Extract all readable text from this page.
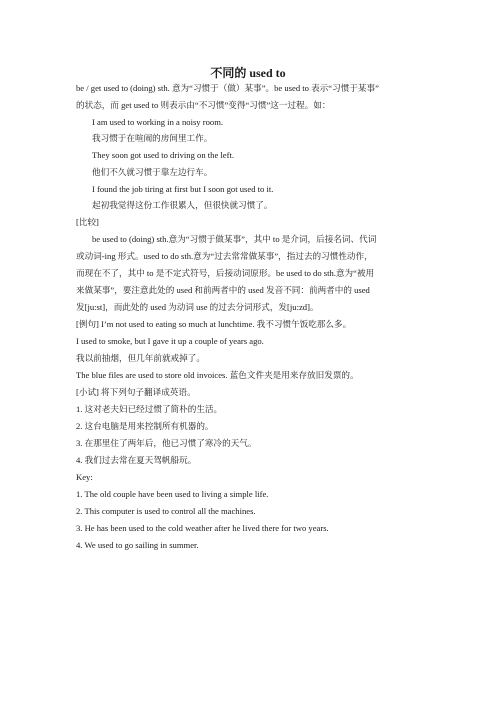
不同的 used to
be / get used to (doing) sth. 意为“习惯于（做）某事”。be used to 表示“习惯于某事”
的状态，而 get used to 则表示由“不习惯”变得“习惯”这一过程。如：
I am used to working in a noisy room.
我习惯于在喧闹的房间里工作。
They soon got used to driving on the left.
他们不久就习惯于靠左边行车。
I found the job tiring at first but I soon got used to it.
起初我觉得这份工作很累人，但很快就习惯了。
[比较]
be used to (doing) sth.意为“习惯于做某事”，其中 to 是介词，后接名词、代词
或动词-ing 形式。used to do sth.意为“过去常常做某事”，指过去的习惯性动作，
而现在不了，其中 to 是不定式符号，后接动词原形。be used to do sth.意为“被用
来做某事”，要注意此处的 used 和前两者中的 used 发音不同：前两者中的 used
发[ju:st]，而此处的 used 为动词 use 的过去分词形式，发[ju:zd]。
[例句] I’m not used to eating so much at lunchtime. 我不习惯午饭吃那么多。
I used to smoke, but I gave it up a couple of years ago.
我以前抽烟，但几年前就戒掉了。
The blue files are used to store old invoices. 蓝色文件夹是用来存放旧发票的。
[小试] 将下列句子翻译成英语。
1. 这对老夫妇已经过惯了简朴的生活。
2. 这台电脑是用来控制所有机器的。
3. 在那里住了两年后，他已习惯了寒冷的天气。
4. 我们过去常在夏天驾帆船玩。
Key:
1. The old couple have been used to living a simple life.
2. This computer is used to control all the machines.
3. He has been used to the cold weather after he lived there for two years.
4. We used to go sailing in summer.
